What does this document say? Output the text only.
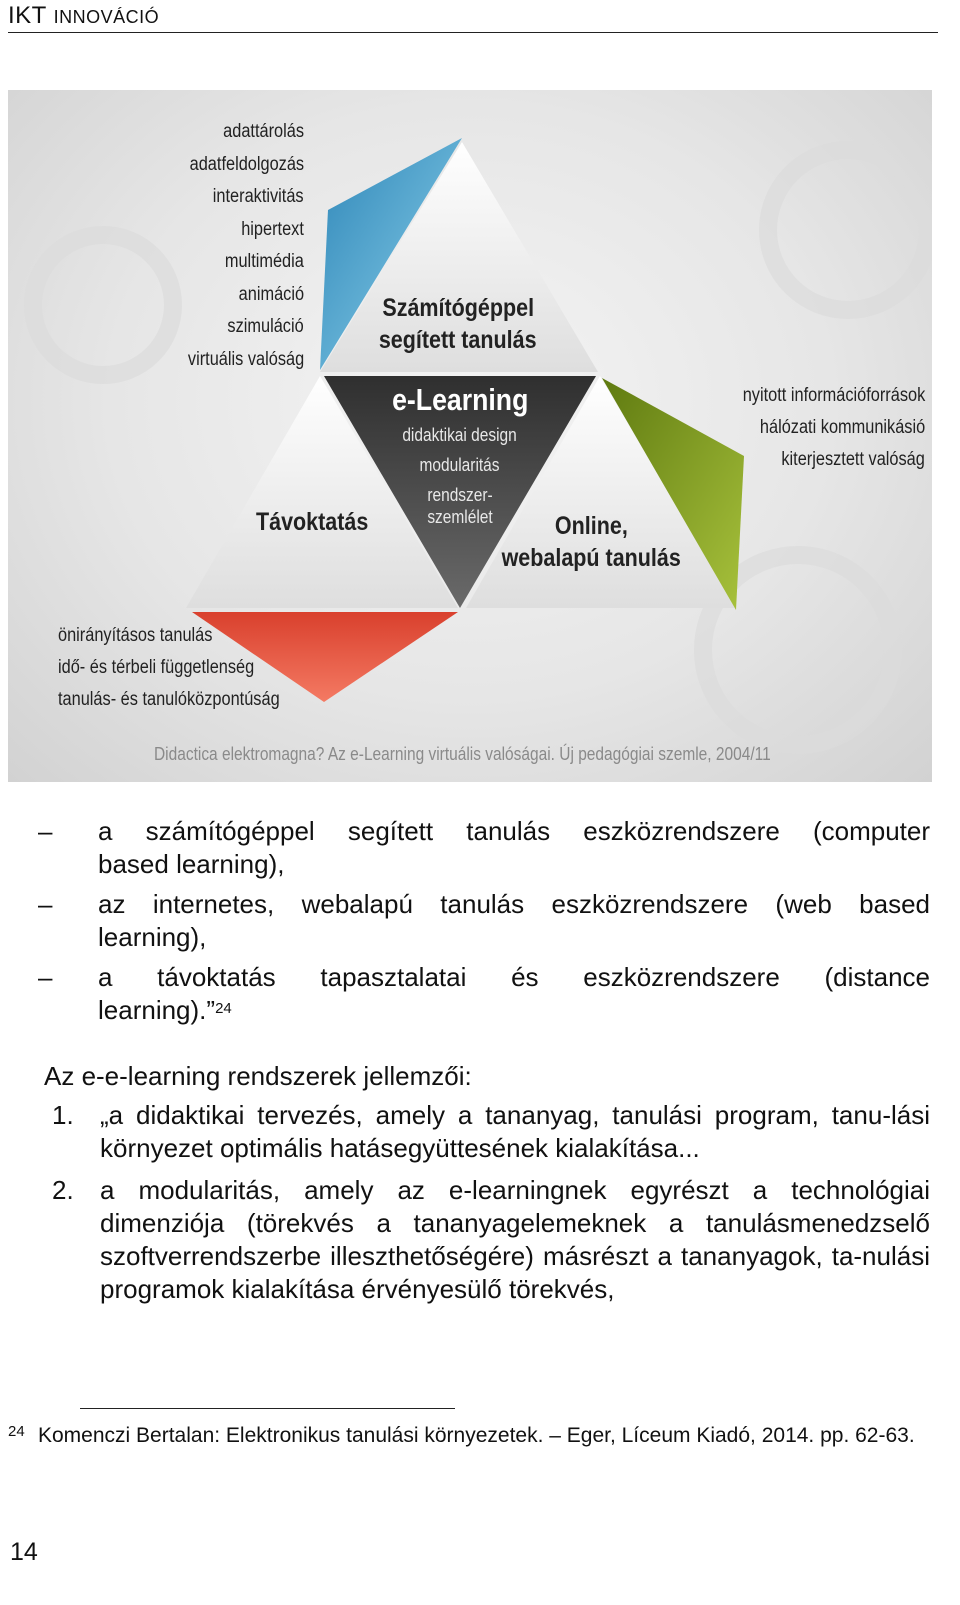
IKT INNOVÁCIÓ
adattárolás
adatfeldolgozás
interaktivitás
hipertext
multimédia
animáció
szimuláció
virtuális valóság
Számítógéppel
segített tanulás
e-Learning
didaktikai design
modularitás
rendszer-
szemlélet
Távoktatás	Online,
webalapú tanulás
nyitott információforrások
hálózati kommunikásió
kiterjesztett valóság
önirányításos tanulás
idő- és térbeli függetlenség
tanulás- és tanulóközpontúság
Didactica elektromagna? Az e-Learning virtuális valóságai. Új pedagógiai szemle, 2004/11
– a számítógéppel segített tanulás eszközrendszere (computer
based learning),
– az internetes, webalapú tanulás eszközrendszere (web based
learning),
– a távoktatás tapasztalatai és eszközrendszere (distance
learning).”$^{24}$
Az e-e-learning rendszerek jellemzői:
1. „a didaktikai tervezés, amely a tananyag, tanulási program, tanu-lási környezet optimális hatásegyüttesének kialakítása...
2. a modularitás, amely az e-learningnek egyrészt a technológiai dimenziója (törekvés a tananyagelemeknek a tanulásmenedzselő szoftverrendszerbe illeszthetőségére) másrészt a tananyagok, ta-nulási programok kialakítása érvényesülő törekvés,
24 Komenczi Bertalan: Elektronikus tanulási környezetek. – Eger, Líceum Kiadó, 2014. pp. 62-63.
14
